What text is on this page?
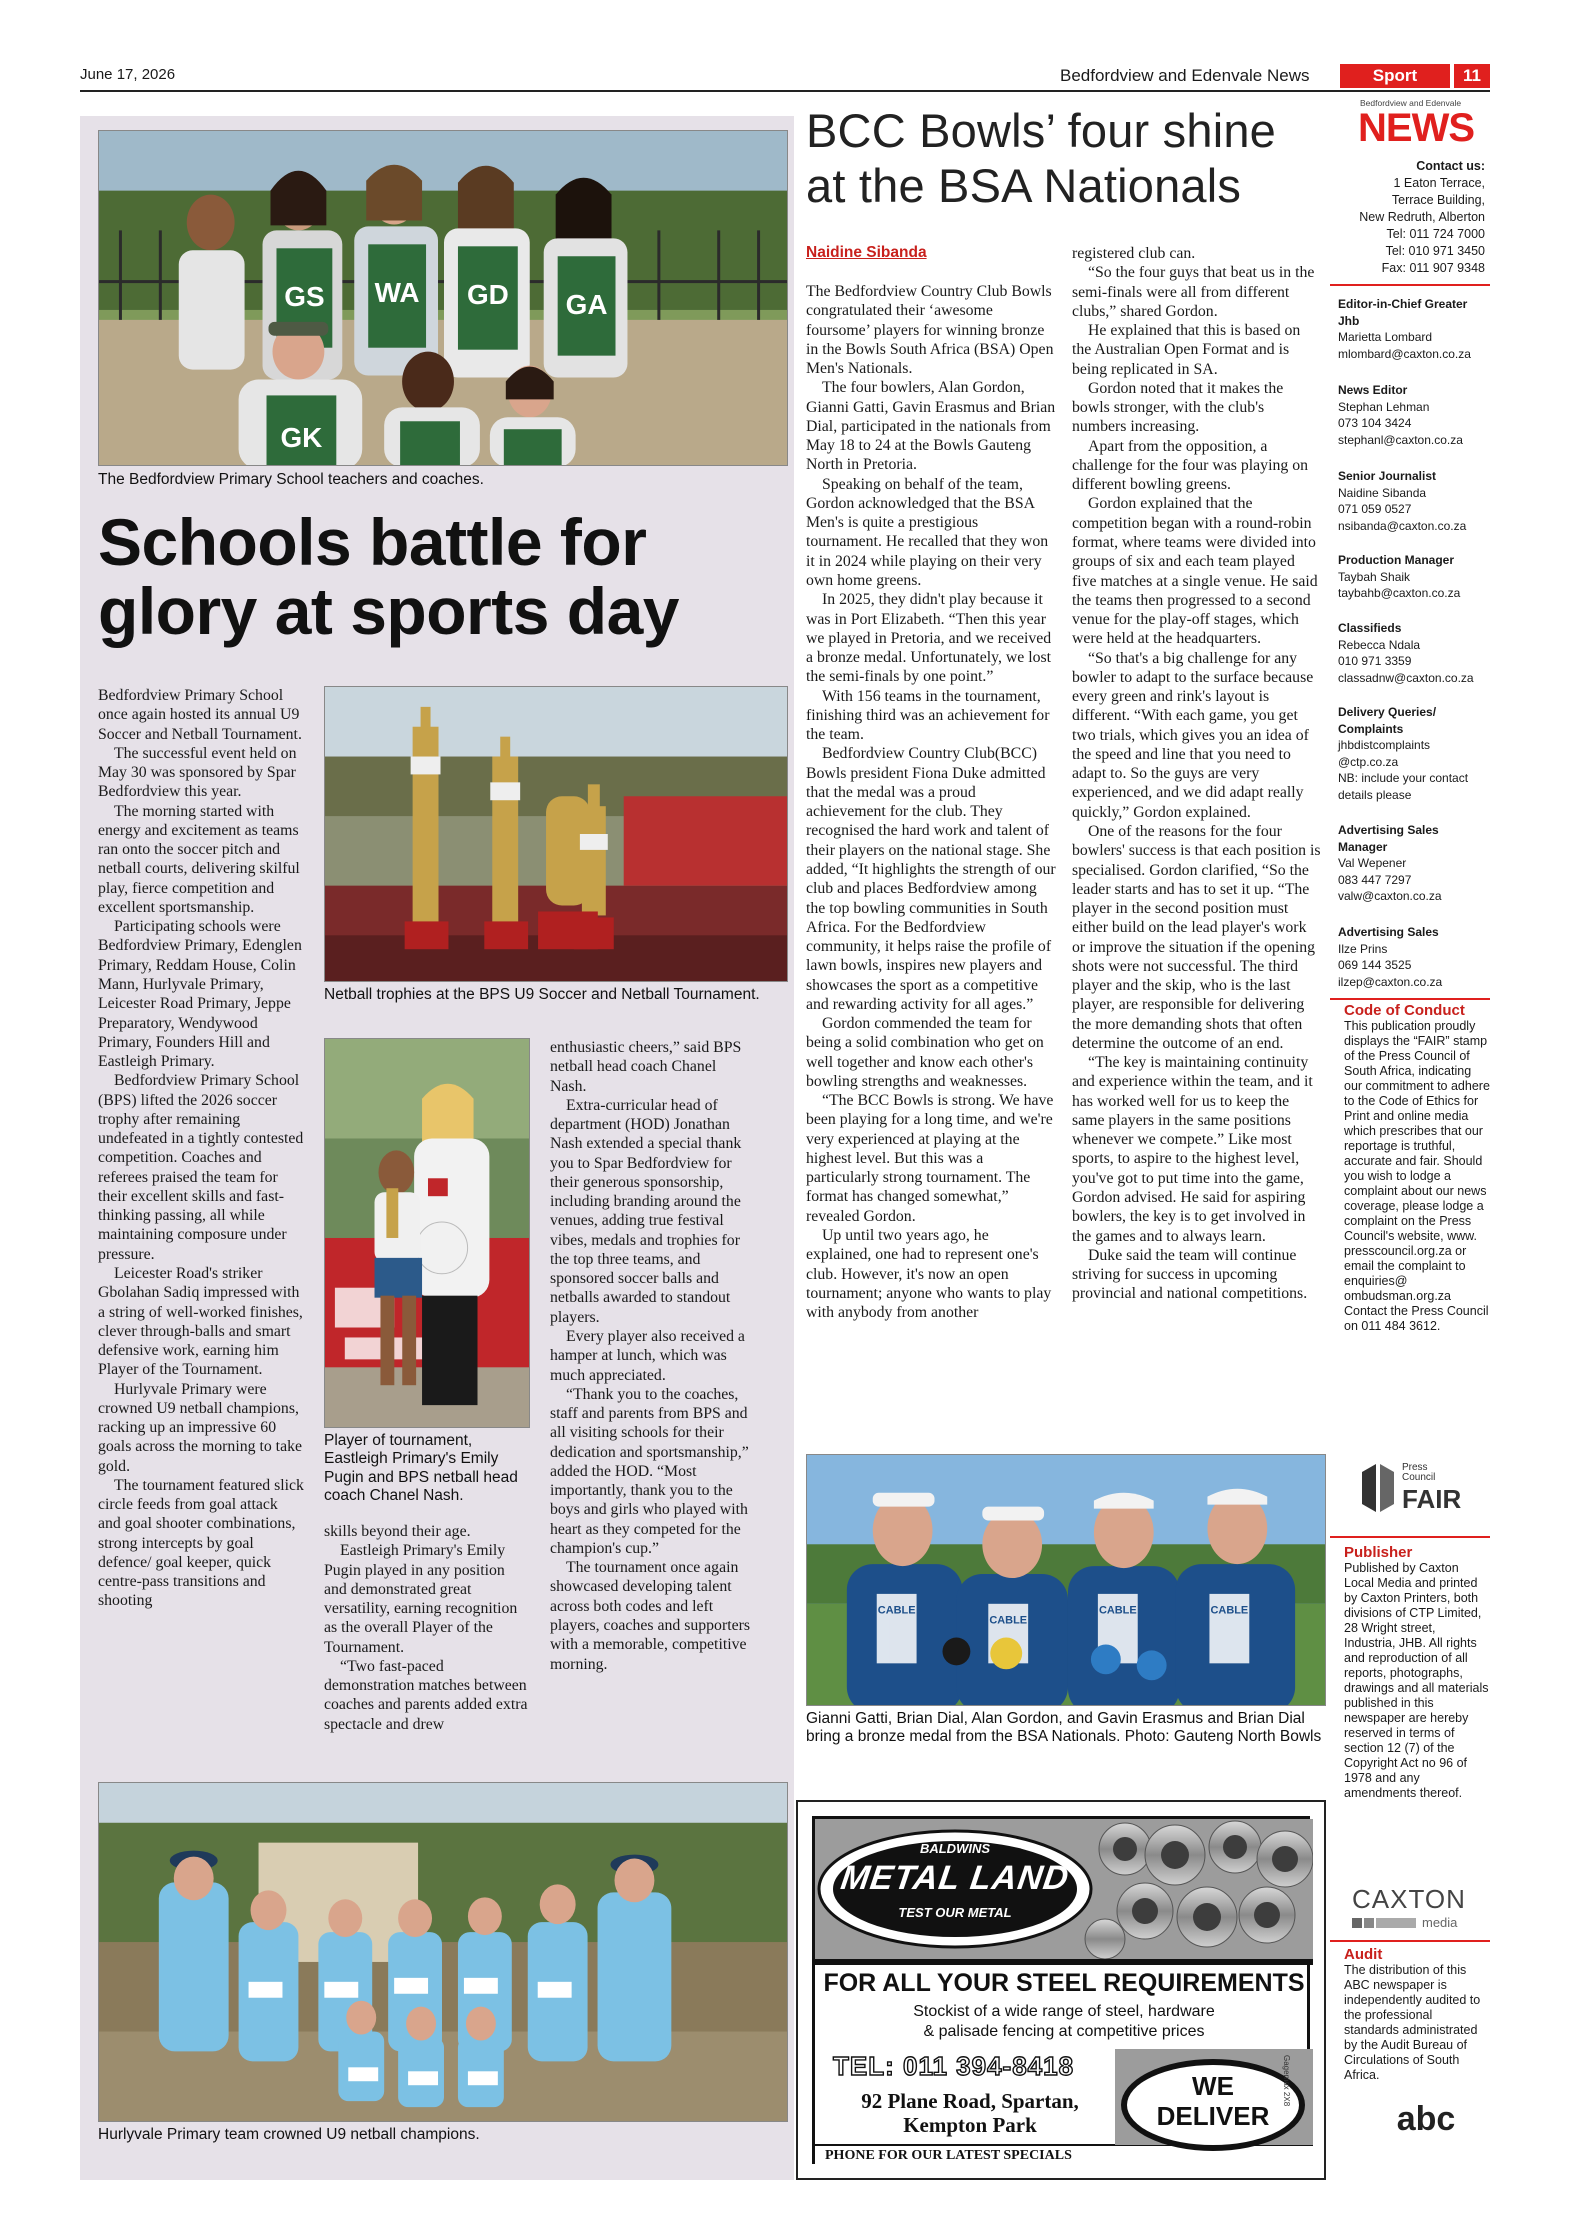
June 17, 2026	Bedfordview and Edenvale News	Sport	11
GS WA GD GA
GK
The Bedfordview Primary School teachers and coaches.
Schools battle for glory at sports day

Bedfordview Primary School once again hosted its annual U9 Soccer and Netball Tournament.

The successful event held on May 30 was sponsored by Spar Bedfordview this year.

The morning started with energy and excitement as teams ran onto the soccer pitch and netball courts, delivering skilful play, fierce competition and excellent sportsmanship.

Participating schools were Bedfordview Primary, Edenglen Primary, Reddam House, Colin Mann, Hurlyvale Primary, Leicester Road Primary, Jeppe Preparatory, Wendywood Primary, Founders Hill and Eastleigh Primary.

Bedfordview Primary School (BPS) lifted the 2026 soccer trophy after remaining undefeated in a tightly contested competition. Coaches and referees praised the team for their excellent skills and fast-thinking passing, all while maintaining composure under pressure.

Leicester Road's striker Gbolahan Sadiq impressed with a string of well-worked finishes, clever through-balls and smart defensive work, earning him Player of the Tournament.

Hurlyvale Primary were crowned U9 netball champions, racking up an impressive 60 goals across the morning to take gold.

The tournament featured slick circle feeds from goal attack and goal shooter combinations, strong intercepts by goal defence/ goal keeper, quick centre-pass transitions and shooting

Netball trophies at the BPS U9 Soccer and Netball Tournament.
Player of tournament, Eastleigh Primary's Emily Pugin and BPS netball head coach Chanel Nash.

skills beyond their age.

Eastleigh Primary's Emily Pugin played in any position and demonstrated great versatility, earning recognition as the overall Player of the Tournament.

“Two fast-paced demonstration matches between coaches and parents added extra spectacle and drew

enthusiastic cheers,” said BPS netball head coach Chanel Nash.

Extra-curricular head of department (HOD) Jonathan Nash extended a special thank you to Spar Bedfordview for their generous sponsorship, including branding around the venues, adding true festival vibes, medals and trophies for the top three teams, and sponsored soccer balls and netballs awarded to standout players.

Every player also received a hamper at lunch, which was much appreciated.

“Thank you to the coaches, staff and parents from BPS and all visiting schools for their dedication and sportsmanship,” added the HOD. “Most importantly, thank you to the boys and girls who played with heart as they competed for the champion's cup.”

The tournament once again showcased developing talent across both codes and left players, coaches and supporters with a memorable, competitive morning.

Hurlyvale Primary team crowned U9 netball champions.
BCC Bowls’ four shine at the BSA Nationals
Naidine Sibanda

The Bedfordview Country Club Bowls congratulated their ‘awesome foursome’ players for winning bronze in the Bowls South Africa (BSA) Open Men's Nationals.

The four bowlers, Alan Gordon, Gianni Gatti, Gavin Erasmus and Brian Dial, participated in the nationals from May 18 to 24 at the Bowls Gauteng North in Pretoria.

Speaking on behalf of the team, Gordon acknowledged that the BSA Men's is quite a prestigious tournament. He recalled that they won it in 2024 while playing on their very own home greens.

In 2025, they didn't play because it was in Port Elizabeth. “Then this year we played in Pretoria, and we received a bronze medal. Unfortunately, we lost the semi-finals by one point.”

With 156 teams in the tournament, finishing third was an achievement for the team.

Bedfordview Country Club(BCC) Bowls president Fiona Duke admitted that the medal was a proud achievement for the club. They recognised the hard work and talent of their players on the national stage. She added, “It highlights the strength of our club and places Bedfordview among the top bowling communities in South Africa. For the Bedfordview community, it helps raise the profile of lawn bowls, inspires new players and showcases the sport as a competitive and rewarding activity for all ages.”

Gordon commended the team for being a solid combination who get on well together and know each other's bowling strengths and weaknesses.

“The BCC Bowls is strong. We have been playing for a long time, and we're very experienced at playing at the highest level. But this was a particularly strong tournament. The format has changed somewhat,” revealed Gordon.

Up until two years ago, he explained, one had to represent one's club. However, it's now an open tournament; anyone who wants to play with anybody from another

registered club can.

“So the four guys that beat us in the semi-finals were all from different clubs,” shared Gordon.

He explained that this is based on the Australian Open Format and is being replicated in SA.

Gordon noted that it makes the bowls stronger, with the club's numbers increasing.

Apart from the opposition, a challenge for the four was playing on different bowling greens.

Gordon explained that the competition began with a round-robin format, where teams were divided into groups of six and each team played five matches at a single venue. He said the teams then progressed to a second venue for the play-off stages, which were held at the headquarters.

“So that's a big challenge for any bowler to adapt to the surface because every green and rink's layout is different. “With each game, you get two trials, which gives you an idea of the speed and line that you need to adapt to. So the guys are very experienced, and we did adapt really quickly,” Gordon explained.

One of the reasons for the four bowlers' success is that each position is specialised. Gordon clarified, “So the leader starts and has to set it up. “The player in the second position must either build on the lead player's work or improve the situation if the opening shots were not successful. The third player and the skip, who is the last player, are responsible for delivering the more demanding shots that often determine the outcome of an end.

“The key is maintaining continuity and experience within the team, and it has worked well for us to keep the same players in the same positions whenever we compete.” Like most sports, to aspire to the highest level, you've got to put time into the game, Gordon advised. He said for aspiring bowlers, the key is to get involved in the games and to always learn.

Duke said the team will continue striving for success in upcoming provincial and national competitions.

CABLE
CABLE
CABLE	CABLE
Gianni Gatti, Brian Dial, Alan Gordon, and Gavin Erasmus and Brian Dial bring a bronze medal from the BSA Nationals. Photo: Gauteng North Bowls
BALDWINS
METAL LAND
TEST OUR METAL
FOR ALL YOUR STEEL REQUIREMENTS
Stockist of a wide range of steel, hardware
& palisade fencing at competitive prices
TEL: 011 394-8418
92 Plane Road, Spartan,
Kempton Park
WE
DELIVER
PHONE FOR OUR LATEST SPECIALS
Gagemax 2X8
Bedfordview and Edenvale
NEWS
Contact us:
1 Eaton Terrace,
Terrace Building,
New Redruth, Alberton
Tel: 011 724 7000
Tel: 010 971 3450
Fax: 011 907 9348
Editor-in-Chief Greater Jhb
Marietta Lombard
mlombard@caxton.co.za
News Editor
Stephan Lehman
073 104 3424
stephanl@caxton.co.za
Senior Journalist
Naidine Sibanda
071 059 0527
nsibanda@caxton.co.za
Production Manager
Taybah Shaik
taybahb@caxton.co.za
Classifieds
Rebecca Ndala
010 971 3359
classadnw@caxton.co.za
Delivery Queries/ Complaints
jhbdistcomplaints
@ctp.co.za
NB: include your contact details please
Advertising Sales Manager
Val Wepener
083 447 7297
valw@caxton.co.za
Advertising Sales
Ilze Prins
069 144 3525
ilzep@caxton.co.za
Code of Conduct
This publication proudly displays the “FAIR” stamp of the Press Council of South Africa, indicating our commitment to adhere to the Code of Ethics for Print and online media which prescribes that our reportage is truthful, accurate and fair. Should you wish to lodge a complaint about our news coverage, please lodge a complaint on the Press Council's website, www. presscouncil.org.za or email the complaint to enquiries@ ombudsman.org.za Contact the Press Council on 011 484 3612.
Press
Council
FAIR
Publisher
Published by Caxton Local Media and printed by Caxton Printers, both divisions of CTP Limited, 28 Wright street, Industria, JHB. All rights and reproduction of all reports, photographs, drawings and all materials published in this newspaper are hereby reserved in terms of section 12 (7) of the Copyright Act no 96 of 1978 and any amendments thereof.
CAXTON
media
Audit
The distribution of this ABC newspaper is independently audited to the professional standards administrated by the Audit Bureau of Circulations of South Africa.
abc
